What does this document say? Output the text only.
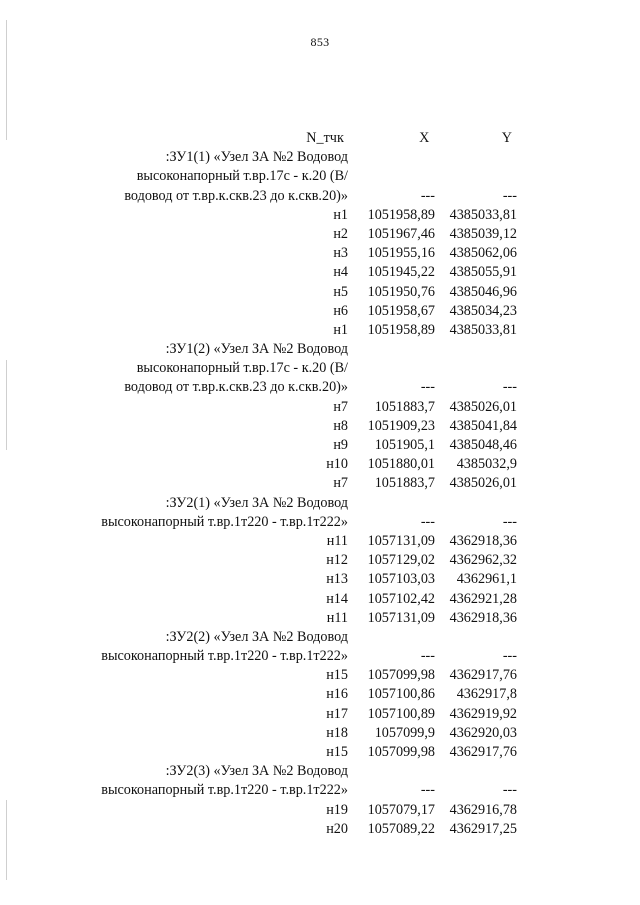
853
N_тчк	X	Y
:ЗУ1(1) «Узел ЗА №2 Водовод
высоконапорный т.вр.17с - к.20 (В/
водовод от т.вр.к.скв.23 до к.скв.20)»	---	---
н1	1051958,89	4385033,81
н2	1051967,46	4385039,12
н3	1051955,16	4385062,06
н4	1051945,22	4385055,91
н5	1051950,76	4385046,96
н6	1051958,67	4385034,23
н1	1051958,89	4385033,81
:ЗУ1(2) «Узел ЗА №2 Водовод
высоконапорный т.вр.17с - к.20 (В/
водовод от т.вр.к.скв.23 до к.скв.20)»	---	---
н7	1051883,7	4385026,01
н8	1051909,23	4385041,84
н9	1051905,1	4385048,46
н10	1051880,01	4385032,9
н7	1051883,7	4385026,01
:ЗУ2(1) «Узел ЗА №2 Водовод
высоконапорный т.вр.1т220 - т.вр.1т222»	---	---
н11	1057131,09	4362918,36
н12	1057129,02	4362962,32
н13	1057103,03	4362961,1
н14	1057102,42	4362921,28
н11	1057131,09	4362918,36
:ЗУ2(2) «Узел ЗА №2 Водовод
высоконапорный т.вр.1т220 - т.вр.1т222»	---	---
н15	1057099,98	4362917,76
н16	1057100,86	4362917,8
н17	1057100,89	4362919,92
н18	1057099,9	4362920,03
н15	1057099,98	4362917,76
:ЗУ2(3) «Узел ЗА №2 Водовод
высоконапорный т.вр.1т220 - т.вр.1т222»	---	---
н19	1057079,17	4362916,78
н20	1057089,22	4362917,25
